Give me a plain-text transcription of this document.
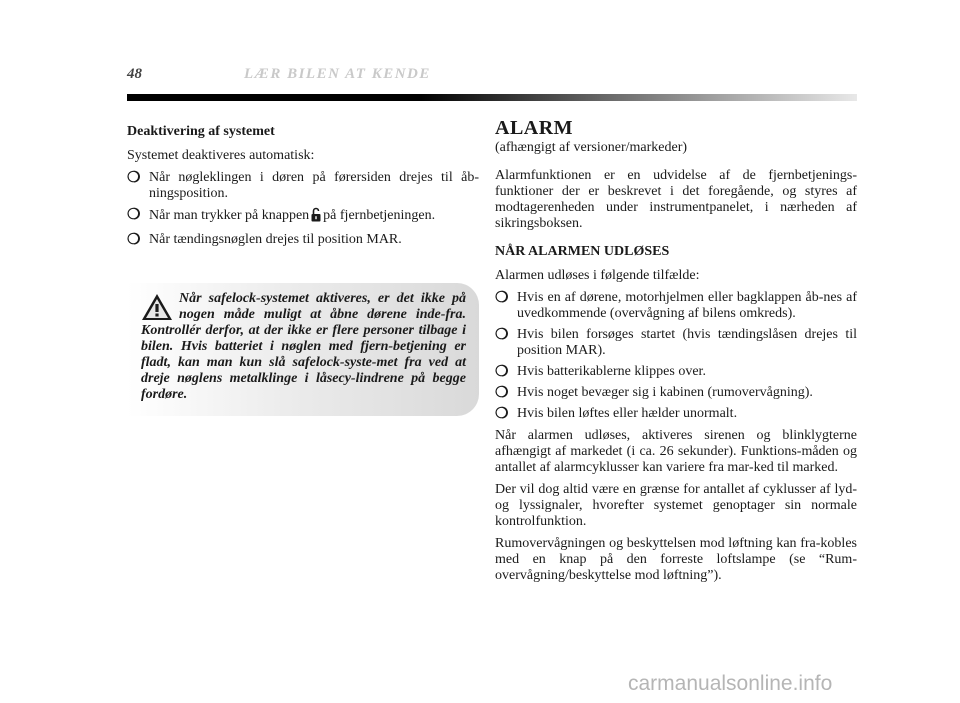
48	LÆR BILEN AT KENDE
Deaktivering af systemet

Systemet deaktiveres automatisk:

❍ Når nøgleklingen i døren på førersiden drejes til åb-ningsposition.
❍ Når man trykker på knappen på fjernbetjeningen.
❍ Når tændingsnøglen drejes til position MAR.
Når safelock-systemet aktiveres, er det ikke på nogen måde muligt at åbne dørene inde-fra. Kontrollér derfor, at der ikke er flere personer tilbage i bilen. Hvis batteriet i nøglen med fjern-betjening er fladt, kan man kun slå safelock-syste-met fra ved at dreje nøglens metalklinge i låsecy-lindrene på begge fordøre.
ALARM

(afhængigt af versioner/markeder)

Alarmfunktionen er en udvidelse af de fjernbetjenings-funktioner der er beskrevet i det foregående, og styres af modtagerenheden under instrumentpanelet, i nærheden af sikringsboksen.

NÅR ALARMEN UDLØSES

Alarmen udløses i følgende tilfælde:

❍ Hvis en af dørene, motorhjelmen eller bagklappen åb-nes af uvedkommende (overvågning af bilens omkreds).
❍ Hvis bilen forsøges startet (hvis tændingslåsen drejes til position MAR).
❍ Hvis batterikablerne klippes over.
❍ Hvis noget bevæger sig i kabinen (rumovervågning).
❍ Hvis bilen løftes eller hælder unormalt.

Når alarmen udløses, aktiveres sirenen og blinklygterne afhængigt af markedet (i ca. 26 sekunder). Funktions-måden og antallet af alarmcyklusser kan variere fra mar-ked til marked.

Der vil dog altid være en grænse for antallet af cyklusser af lyd- og lyssignaler, hvorefter systemet genoptager sin normale kontrolfunktion.

Rumovervågningen og beskyttelsen mod løftning kan fra-kobles med en knap på den forreste loftslampe (se “Rum-overvågning/beskyttelse mod løftning”).

carmanualsonline.info
